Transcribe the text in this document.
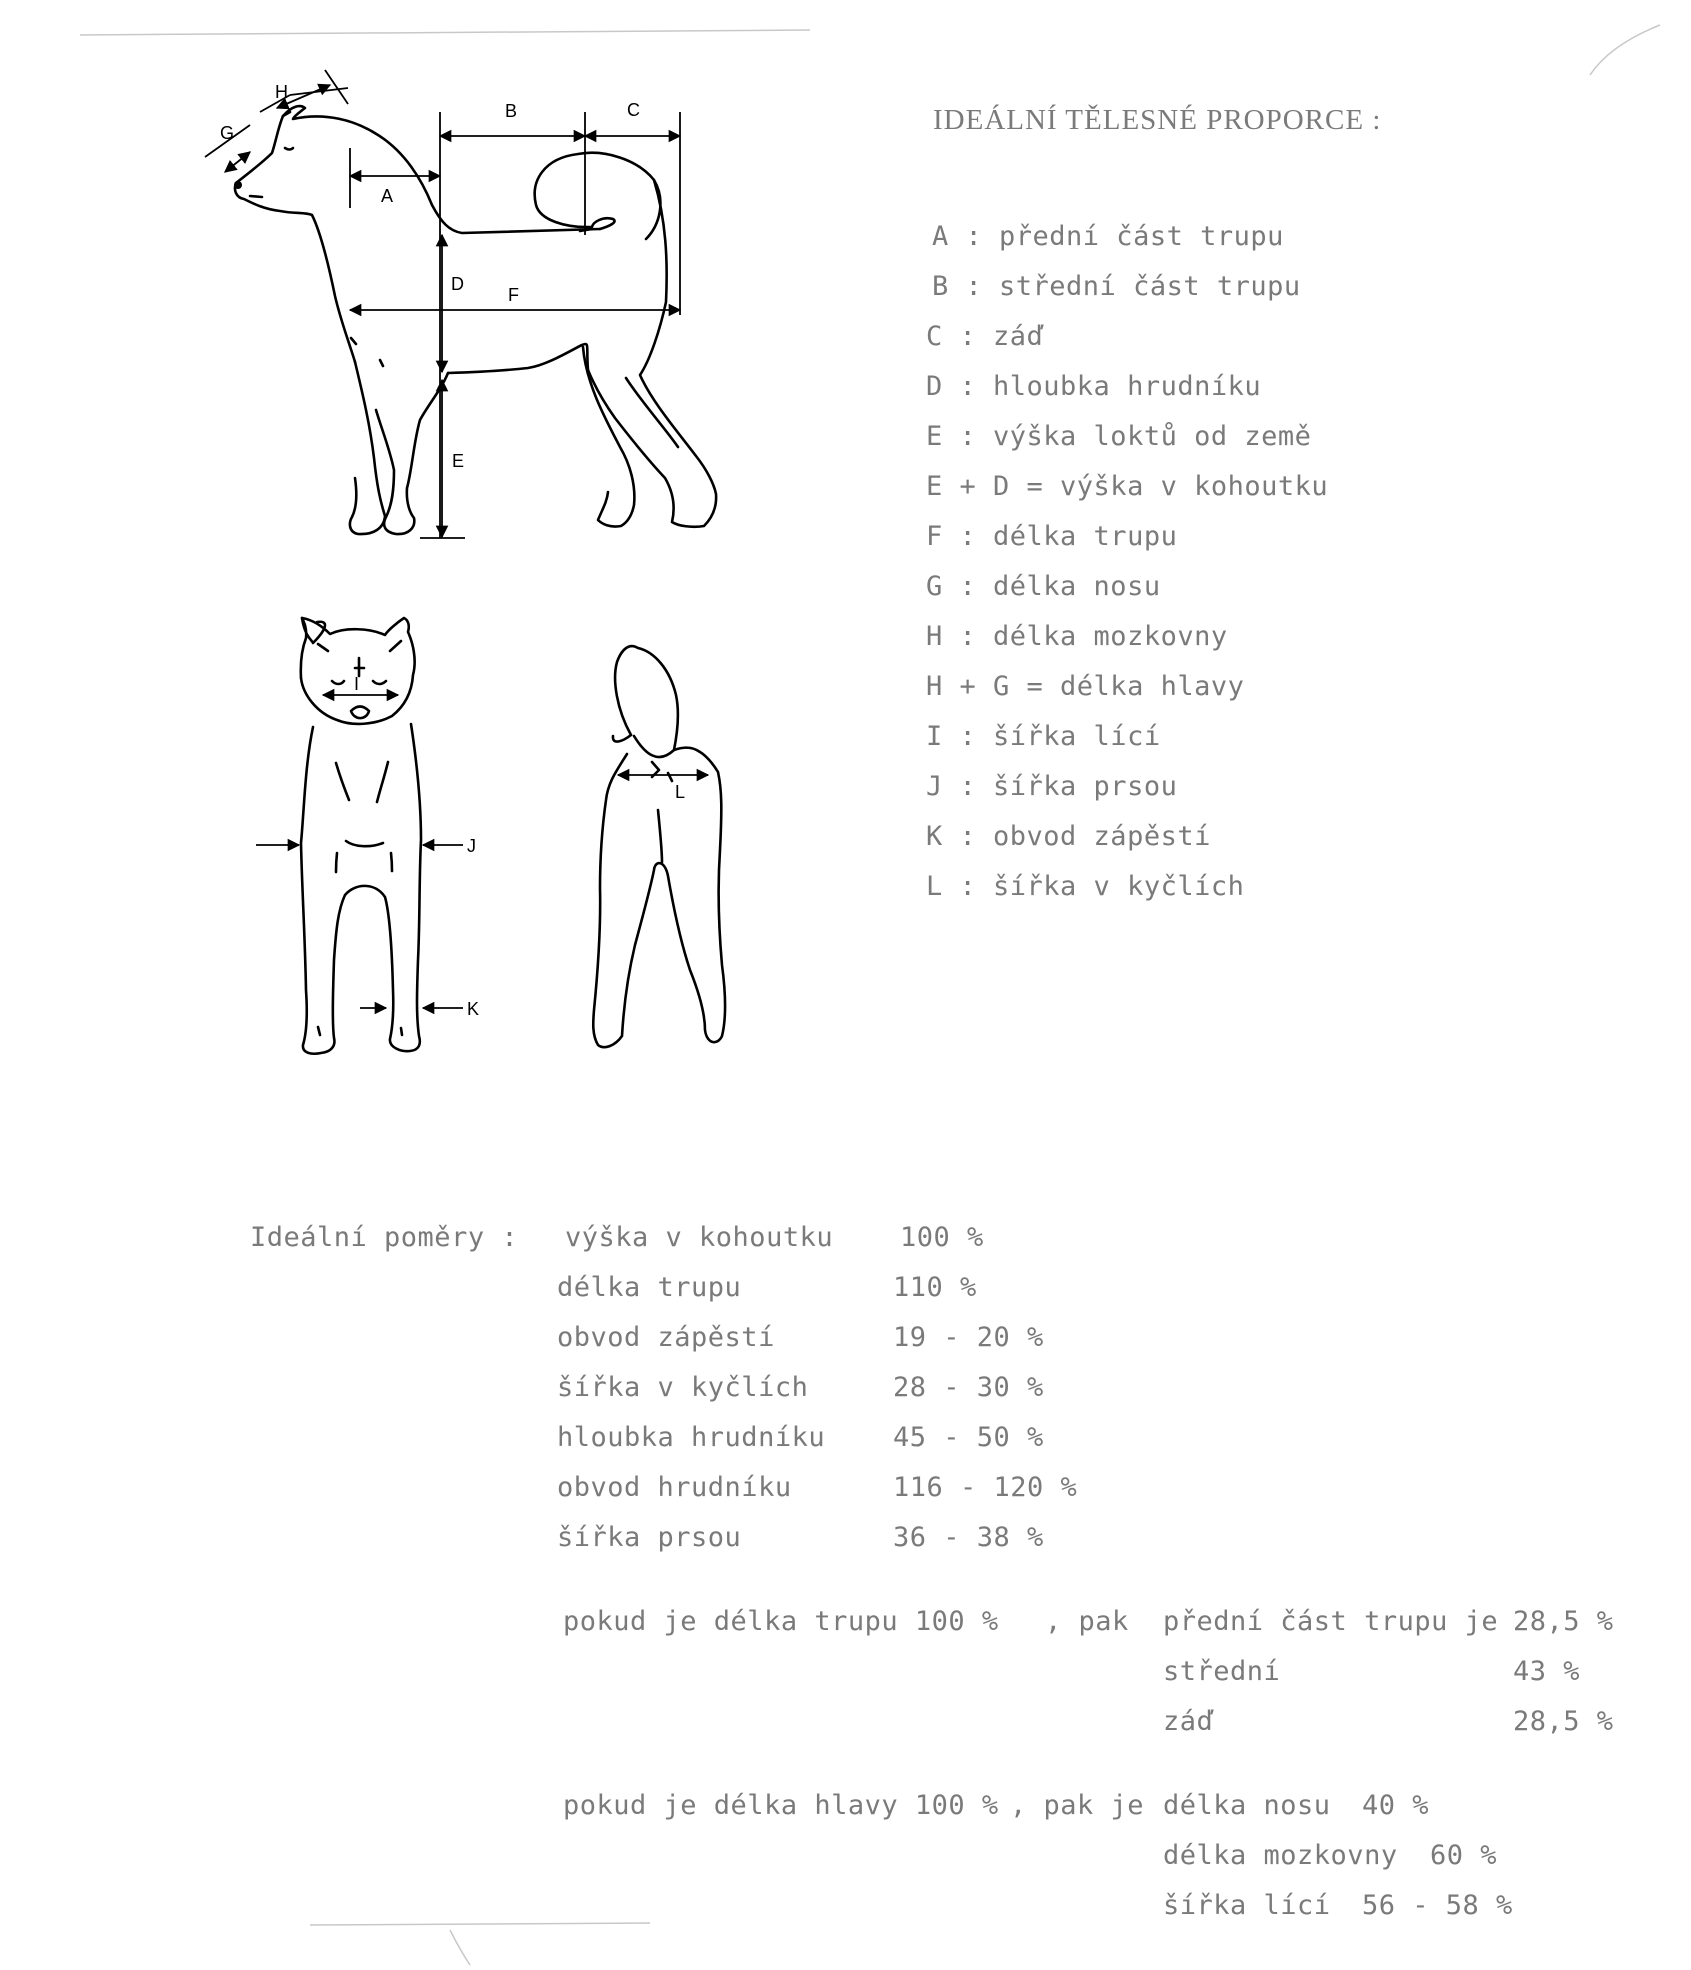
G
H
B	C
A
D
F
E
I
J
K
L
IDEÁLNÍ TĚLESNÉ PROPORCE :
A : přední část trupu
B : střední část trupu
C : záď
D : hloubka hrudníku
E : výška loktů od země
E + D = výška v kohoutku
F : délka trupu
G : délka nosu
H : délka mozkovny
H + G = délka hlavy
I : šířka lící
J : šířka prsou
K : obvod zápěstí
L : šířka v kyčlích
Ideální poměry : výška v kohoutku 100 %
délka trupu	110 %
obvod zápěstí	19 - 20 %
šířka v kyčlích	28 - 30 %
hloubka hrudníku	45 - 50 %
obvod hrudníku	116 - 120 %
šířka prsou	36 - 38 %
pokud je délka trupu 100 % , pak přední část trupu je 28,5 %
střední	43 %
záď	28,5 %
pokud je délka hlavy 100 % , pak je délka nosu 40 %
délka mozkovny 60 %
šířka lící 56 - 58 %
